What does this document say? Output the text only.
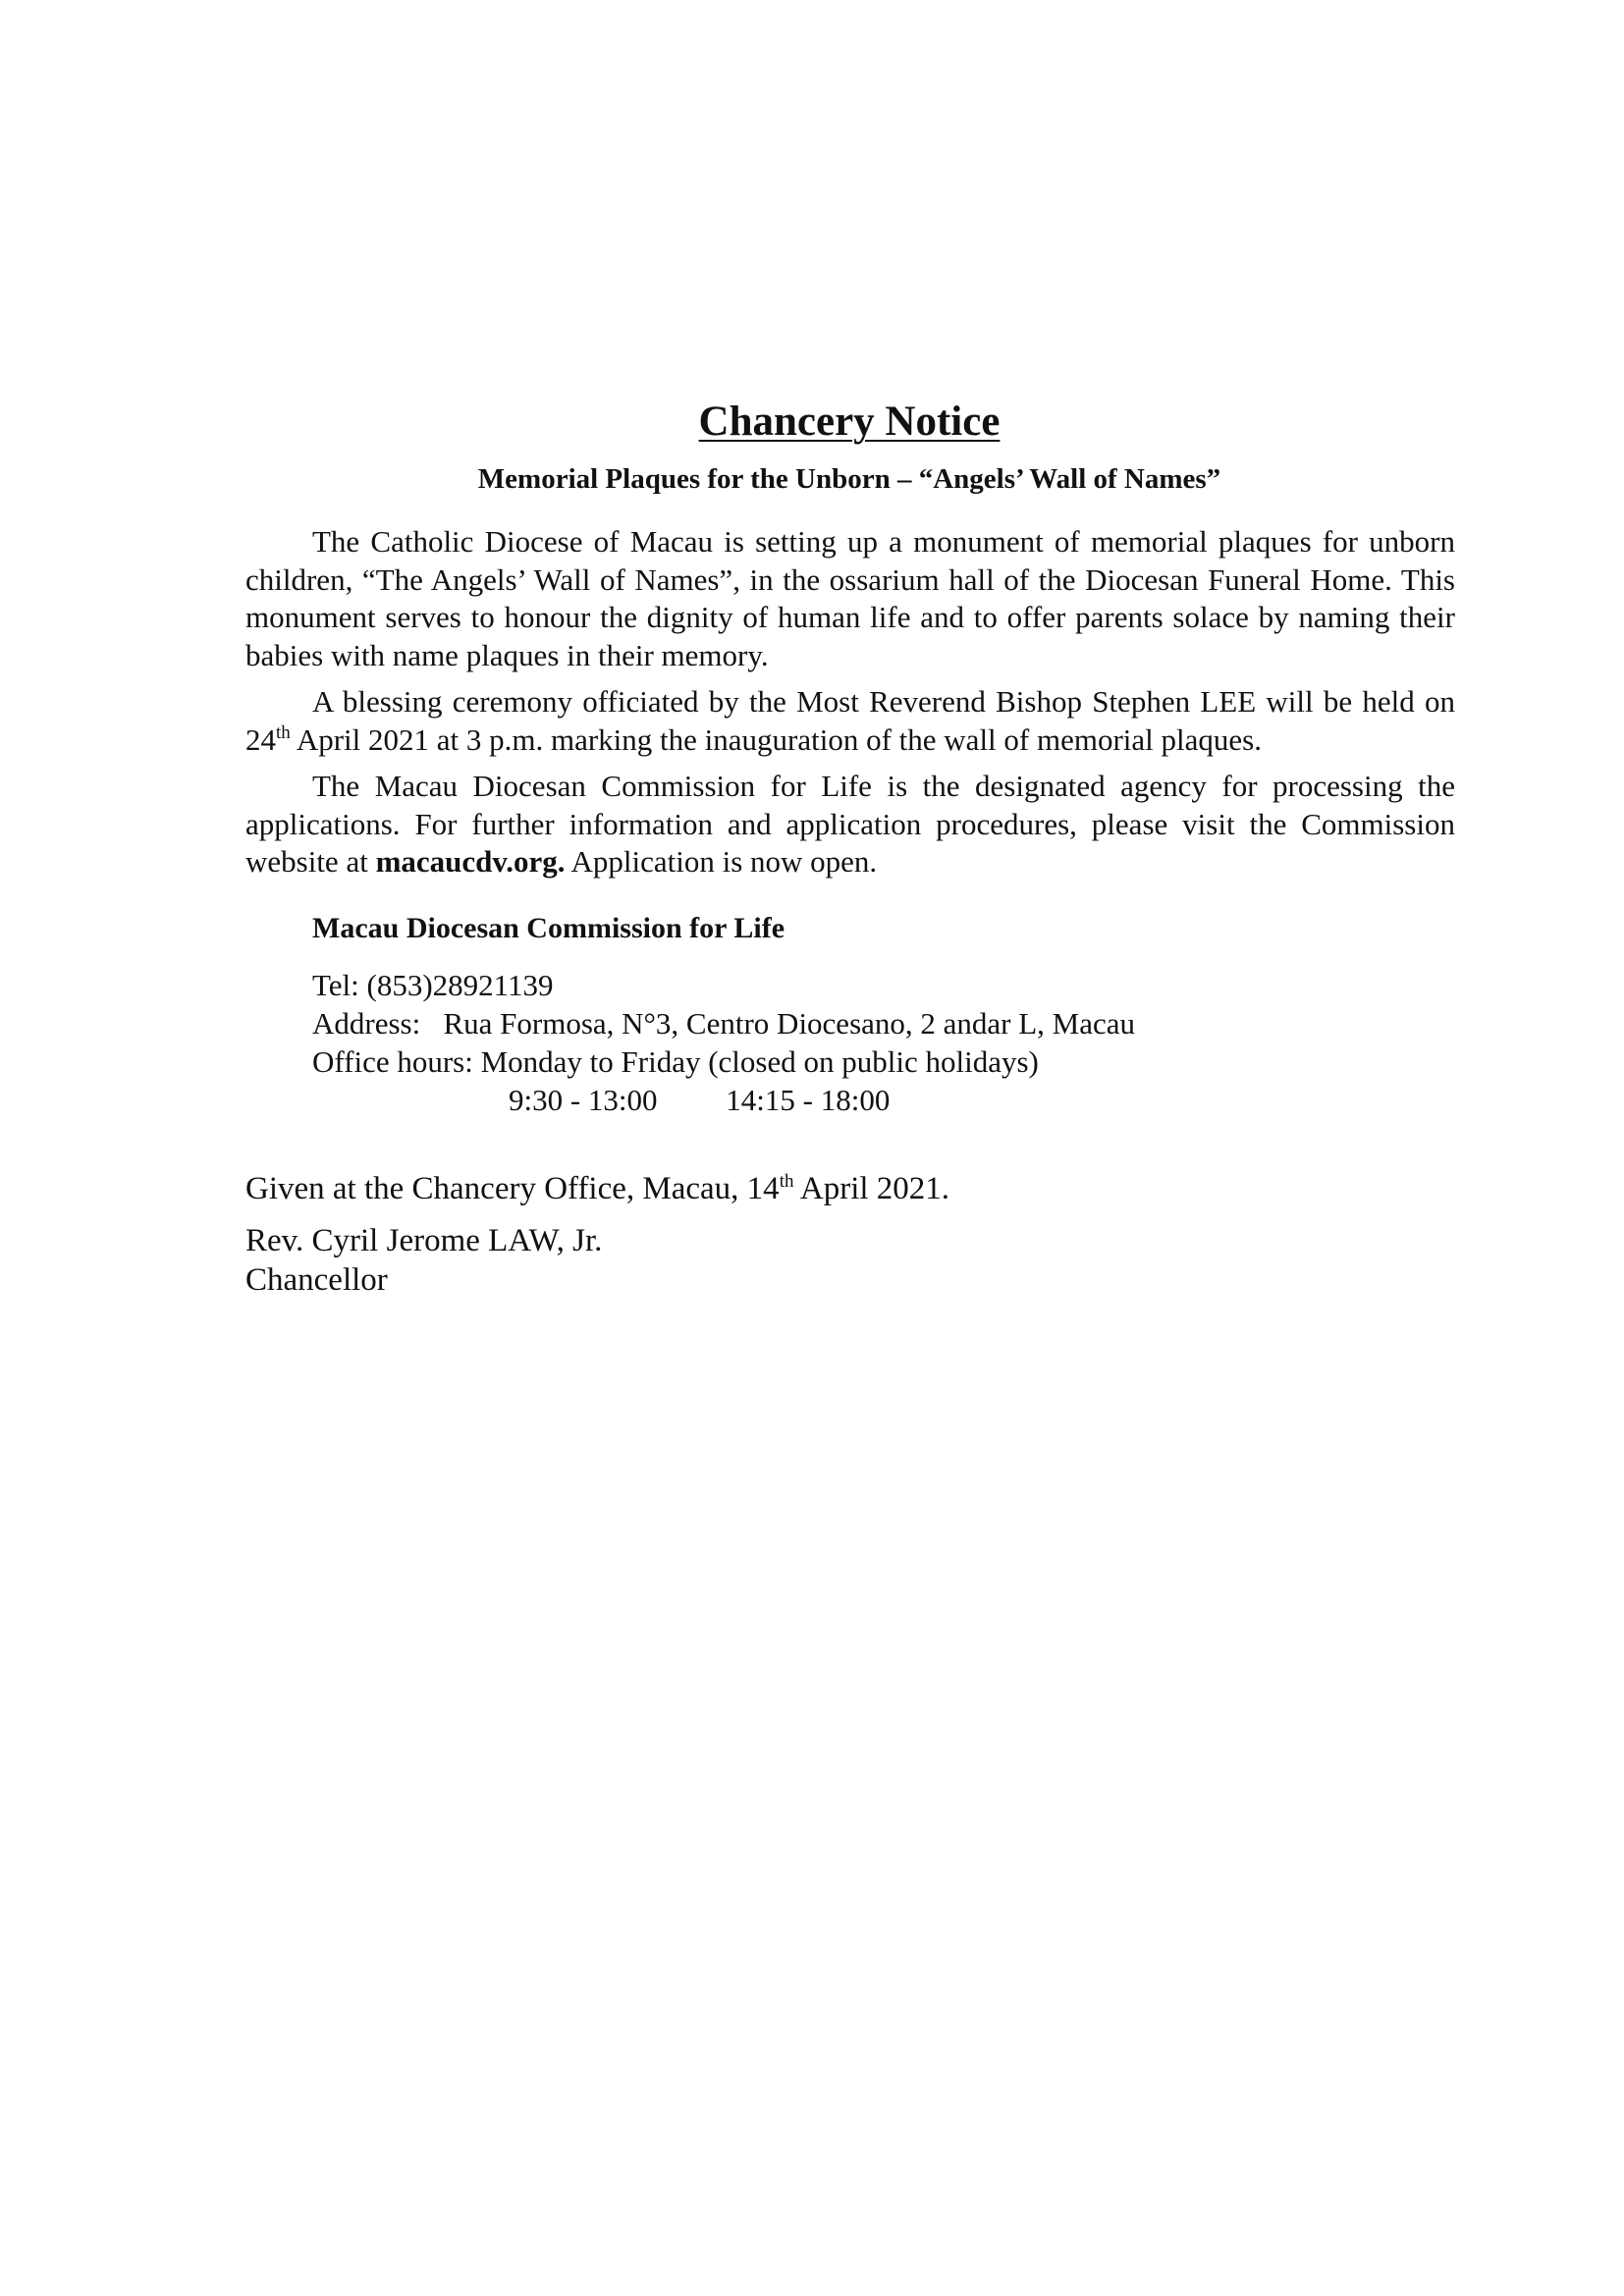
Chancery Notice
Memorial Plaques for the Unborn – “Angels’ Wall of Names”

The Catholic Diocese of Macau is setting up a monument of memorial plaques for unborn children, “The Angels’ Wall of Names”, in the ossarium hall of the Diocesan Funeral Home. This monument serves to honour the dignity of human life and to offer parents solace by naming their babies with name plaques in their memory.

A blessing ceremony officiated by the Most Reverend Bishop Stephen LEE will be held on 24th April 2021 at 3 p.m. marking the inauguration of the wall of memorial plaques.

The Macau Diocesan Commission for Life is the designated agency for processing the applications. For further information and application procedures, please visit the Commission website at macaucdv.org. Application is now open.

Macau Diocesan Commission for Life
Tel: (853)28921139
Address:   Rua Formosa, N°3, Centro Diocesano, 2 andar L, Macau
Office hours: Monday to Friday (closed on public holidays)
9:30 - 13:00         14:15 - 18:00
Given at the Chancery Office, Macau, 14th April 2021.
Rev. Cyril Jerome LAW, Jr.
Chancellor
